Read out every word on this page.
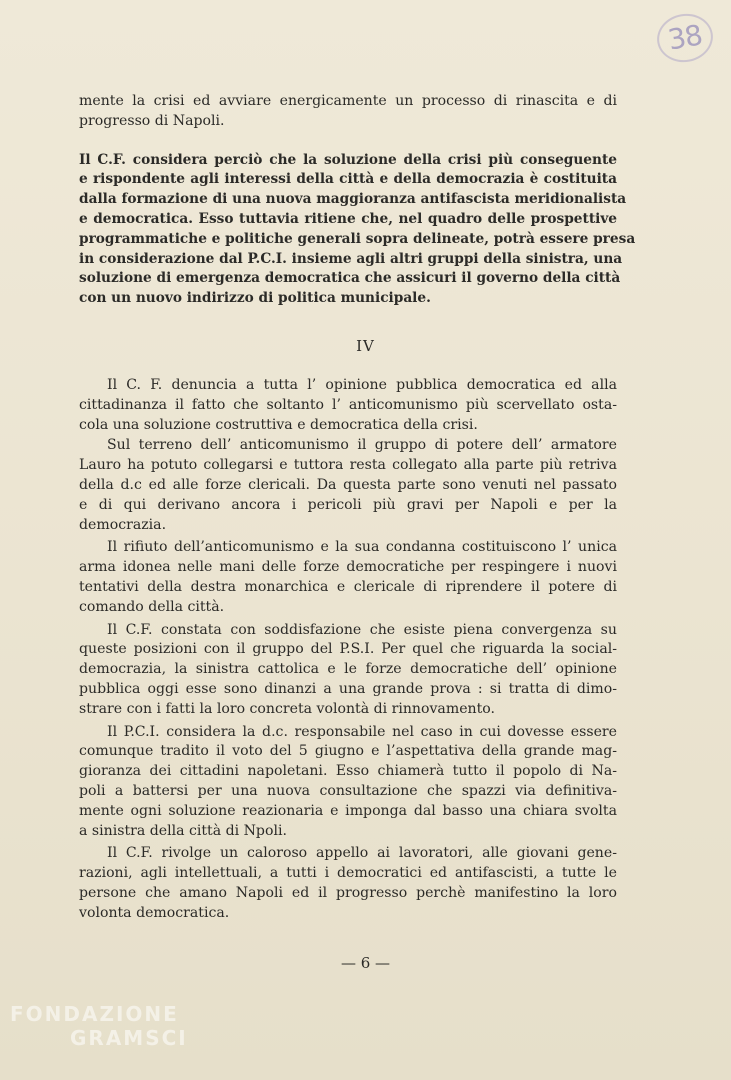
38

mente la crisi ed avviare energicamente un processo di rinascita e di

progresso di Napoli.

Il C.F. considera perciò che la soluzione della crisi più conseguente

e rispondente agli interessi della città e della democrazia è costituita

dalla formazione di una nuova maggioranza antifascista meridionalista

e democratica. Esso tuttavia ritiene che, nel quadro delle prospettive

programmatiche e politiche generali sopra delineate, potrà essere presa

in considerazione dal P.C.I. insieme agli altri gruppi della sinistra, una

soluzione di emergenza democratica che assicuri il governo della città

con un nuovo indirizzo di politica municipale.

IV

Il C. F. denuncia a tutta l’ opinione pubblica democratica ed alla

cittadinanza il fatto che soltanto l’ anticomunismo più scervellato osta-

cola una soluzione costruttiva e democratica della crisi.

Sul terreno dell’ anticomunismo il gruppo di potere dell’ armatore

Lauro ha potuto collegarsi e tuttora resta collegato alla parte più retriva

della d.c ed alle forze clericali. Da questa parte sono venuti nel passato

e di qui derivano ancora i pericoli più gravi per Napoli e per la

democrazia.

Il rifiuto dell’anticomunismo e la sua condanna costituiscono l’ unica

arma idonea nelle mani delle forze democratiche per respingere i nuovi

tentativi della destra monarchica e clericale di riprendere il potere di

comando della città.

Il C.F. constata con soddisfazione che esiste piena convergenza su

queste posizioni con il gruppo del P.S.I. Per quel che riguarda la social-

democrazia, la sinistra cattolica e le forze democratiche dell’ opinione

pubblica oggi esse sono dinanzi a una grande prova : si tratta di dimo-

strare con i fatti la loro concreta volontà di rinnovamento.

Il P.C.I. considera la d.c. responsabile nel caso in cui dovesse essere

comunque tradito il voto del 5 giugno e l’aspettativa della grande mag-

gioranza dei cittadini napoletani. Esso chiamerà tutto il popolo di Na-

poli a battersi per una nuova consultazione che spazzi via definitiva-

mente ogni soluzione reazionaria e imponga dal basso una chiara svolta

a sinistra della città di Npoli.

Il C.F. rivolge un caloroso appello ai lavoratori, alle giovani gene-

razioni, agli intellettuali, a tutti i democratici ed antifascisti, a tutte le

persone che amano Napoli ed il progresso perchè manifestino la loro

volonta democratica.

— 6 —
FONDAZIONE
GRAMSCI
